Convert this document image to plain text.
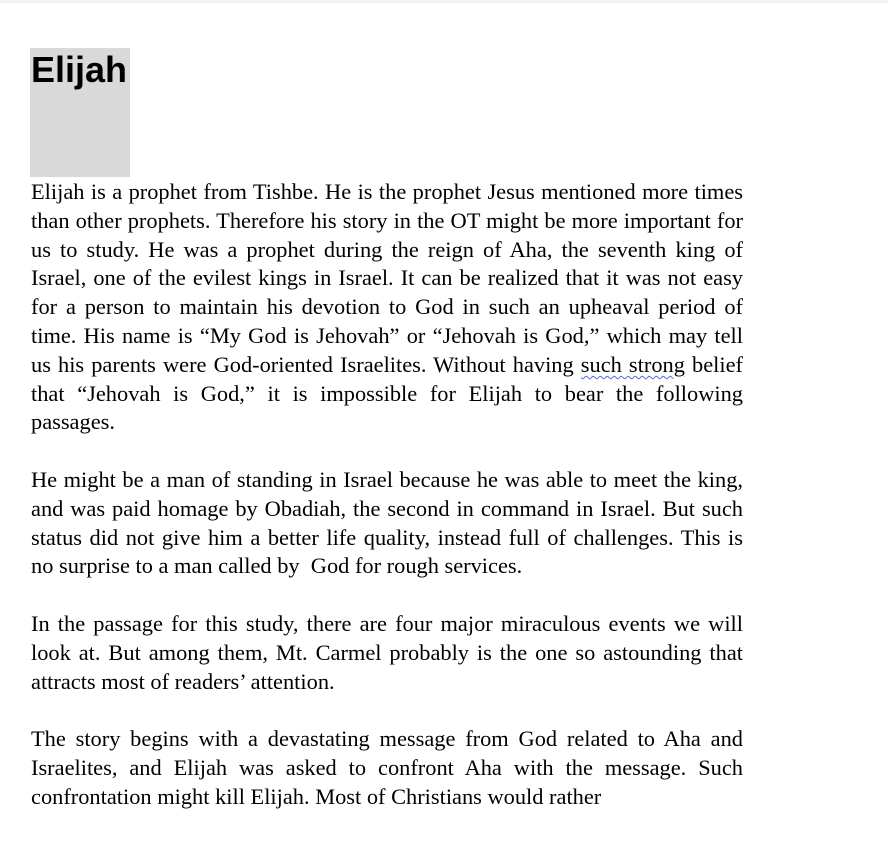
Elijah

Elijah is a prophet from Tishbe. He is the prophet Jesus mentioned more times than other prophets. Therefore his story in the OT might be more important for us to study. He was a prophet during the reign of Aha, the seventh king of Israel, one of the evilest kings in Israel. It can be realized that it was not easy for a person to maintain his devotion to God in such an upheaval period of time. His name is “My God is Jehovah” or “Jehovah is God,” which may tell us his parents were God-oriented Israelites. Without having such strong belief that “Jehovah is God,” it is impossible for Elijah to bear the following passages.

He might be a man of standing in Israel because he was able to meet the king, and was paid homage by Obadiah, the second in command in Israel. But such status did not give him a better life quality, instead full of challenges. This is no surprise to a man called by  God for rough services.

In the passage for this study, there are four major miraculous events we will look at. But among them, Mt. Carmel probably is the one so astounding that attracts most of readers’ attention.

The story begins with a devastating message from God related to Aha and Israelites, and Elijah was asked to confront Aha with the message. Such confrontation might kill Elijah. Most of Christians would rather
